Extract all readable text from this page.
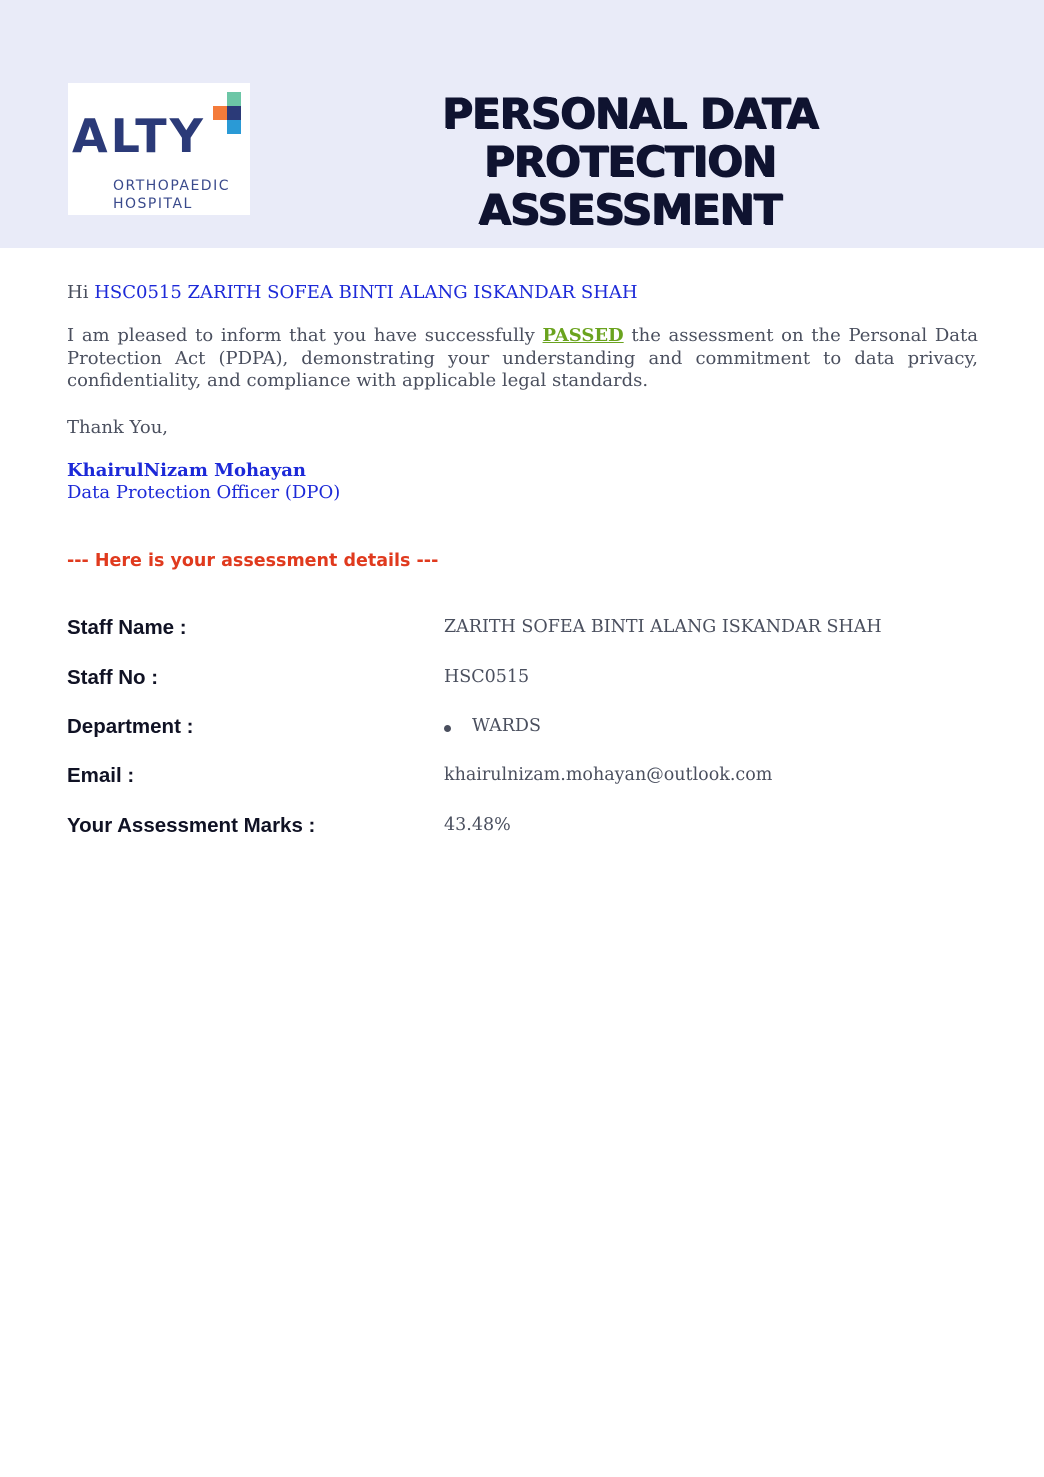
ALTY
ORTHOPAEDIC
HOSPITAL
PERSONAL DATA PROTECTION
ASSESSMENT

Hi HSC0515 ZARITH SOFEA BINTI ALANG ISKANDAR SHAH

I am pleased to inform that you have successfully PASSED the assessment on the Personal Data Protection Act (PDPA), demonstrating your understanding and commitment to data privacy, confidentiality, and compliance with applicable legal standards.

Thank You,

KhairulNizam Mohayan
Data Protection Officer (DPO)

--- Here is your assessment details ---

Staff Name :	ZARITH SOFEA BINTI ALANG ISKANDAR SHAH
Staff No :	HSC0515
Department :	WARDS
Email :	khairulnizam.mohayan@outlook.com
Your Assessment Marks :	43.48%
